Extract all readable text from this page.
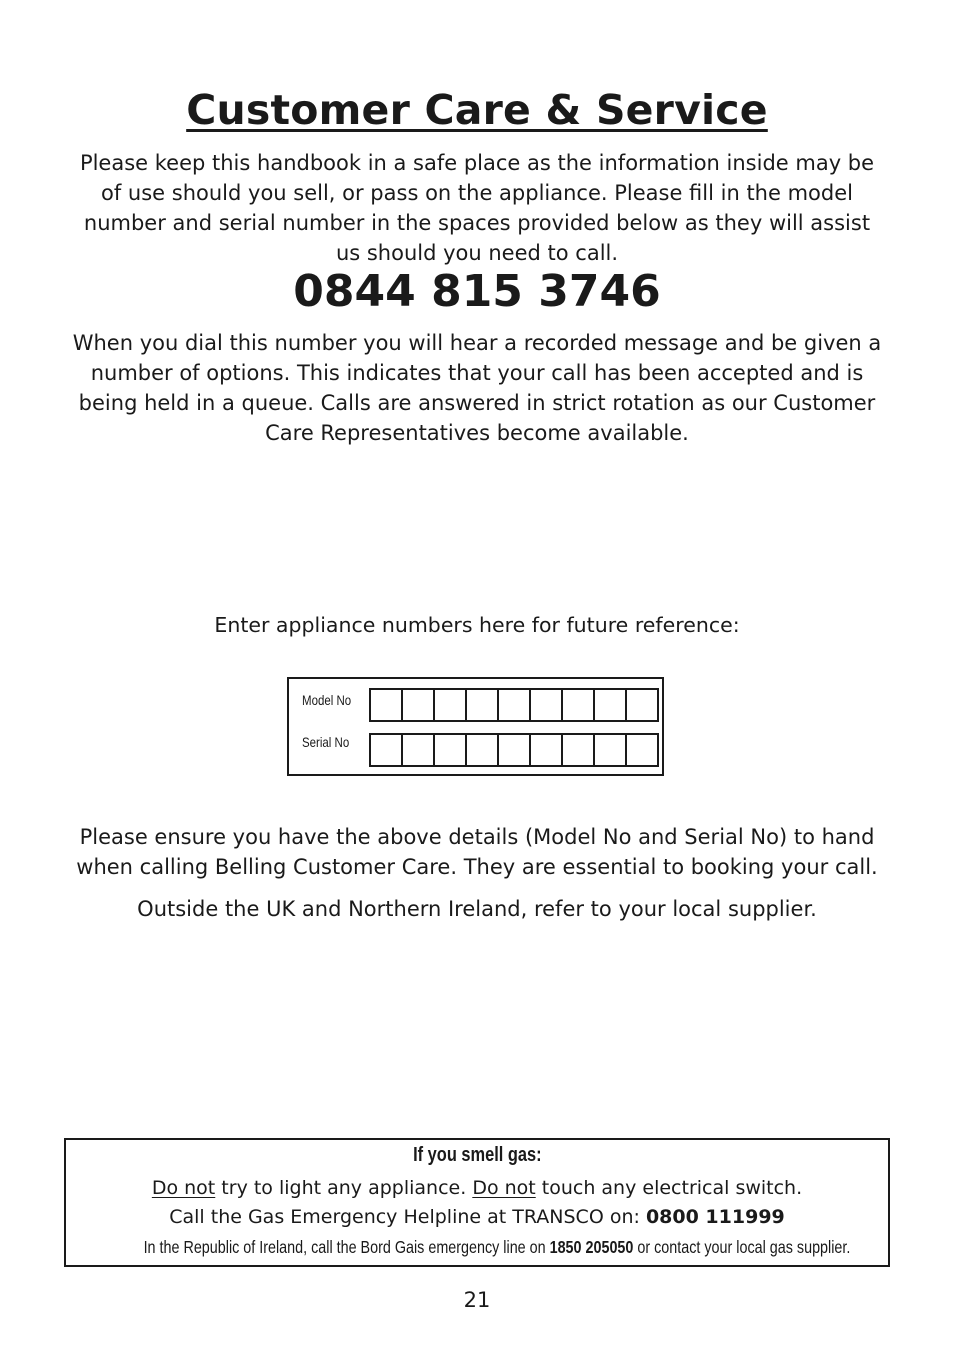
Customer Care & Service

Please keep this handbook in a safe place as the information inside may be of use should you sell, or pass on the appliance. Please fill in the model number and serial number in the spaces provided below as they will assist us should you need to call.

0844 815 3746

When you dial this number you will hear a recorded message and be given a number of options. This indicates that your call has been accepted and is being held in a queue. Calls are answered in strict rotation as our Customer Care Representatives become available.

Enter appliance numbers here for future reference:
Model No
Serial No

Please ensure you have the above details (Model No and Serial No) to hand when calling Belling Customer Care. They are essential to booking your call.

Outside the UK and Northern Ireland, refer to your local supplier.

If you smell gas:
Do not try to light any appliance. Do not touch any electrical switch.
Call the Gas Emergency Helpline at TRANSCO on: 0800 111999
In the Republic of Ireland, call the Bord Gais emergency line on 1850 205050 or contact your local gas supplier.
21
